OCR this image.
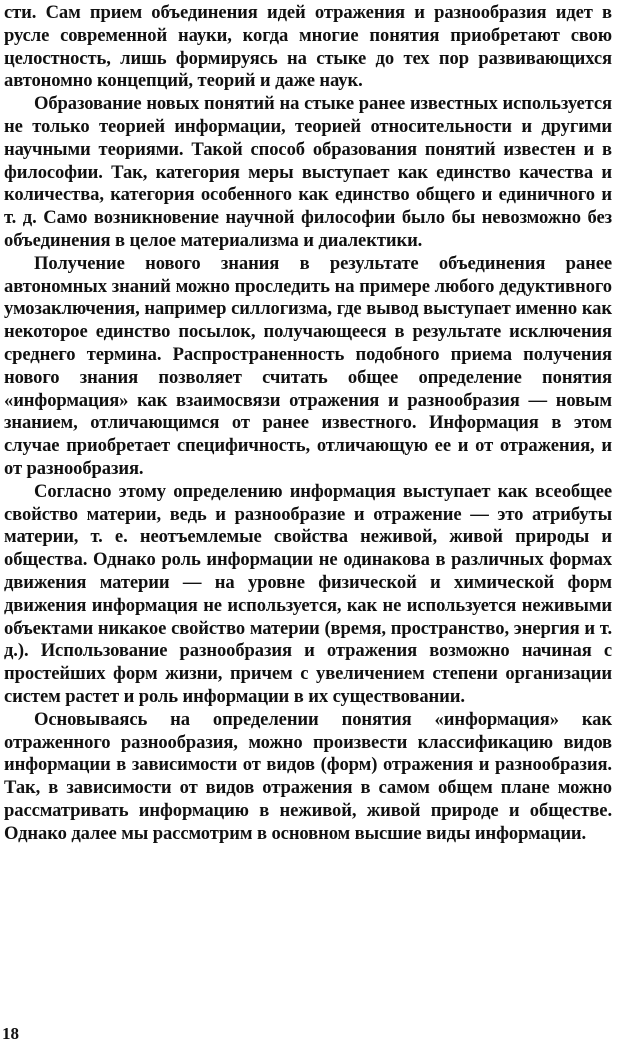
сти. Сам прием объединения идей отражения и разнообразия идет в русле современной науки, когда многие понятия приобретают свою целостность, лишь формируясь на стыке до тех пор развивающихся автономно концепций, теорий и даже наук.

Образование новых понятий на стыке ранее известных используется не только теорией информации, теорией относительности и другими научными теориями. Такой способ образования понятий известен и в философии. Так, категория меры выступает как единство качества и количества, категория особенного как единство общего и единичного и т. д. Само возникновение научной философии было бы невозможно без объединения в целое материализма и диалектики.

Получение нового знания в результате объединения ранее автономных знаний можно проследить на примере любого дедуктивного умозаключения, например силлогизма, где вывод выступает именно как некоторое единство посылок, получающееся в результате исключения среднего термина. Распространенность подобного приема получения нового знания позволяет считать общее определение понятия «информация» как взаимосвязи отражения и разнообразия — новым знанием, отличающимся от ранее известного. Информация в этом случае приобретает специфичность, отличающую ее и от отражения, и от разнообразия.

Согласно этому определению информация выступает как всеобщее свойство материи, ведь и разнообразие и отражение — это атрибуты материи, т. е. неотъемлемые свойства неживой, живой природы и общества. Однако роль информации не одинакова в различных формах движения материи — на уровне физической и химической форм движения информация не используется, как не используется неживыми объектами никакое свойство материи (время, пространство, энергия и т. д.). Использование разнообразия и отражения возможно начиная с простейших форм жизни, причем с увеличением степени организации систем растет и роль информации в их существовании.

Основываясь на определении понятия «информация» как отраженного разнообразия, можно произвести классификацию видов информации в зависимости от видов (форм) отражения и разнообразия. Так, в зависимости от видов отражения в самом общем плане можно рассматривать информацию в неживой, живой природе и обществе. Однако далее мы рассмотрим в основном высшие виды информации.

18
